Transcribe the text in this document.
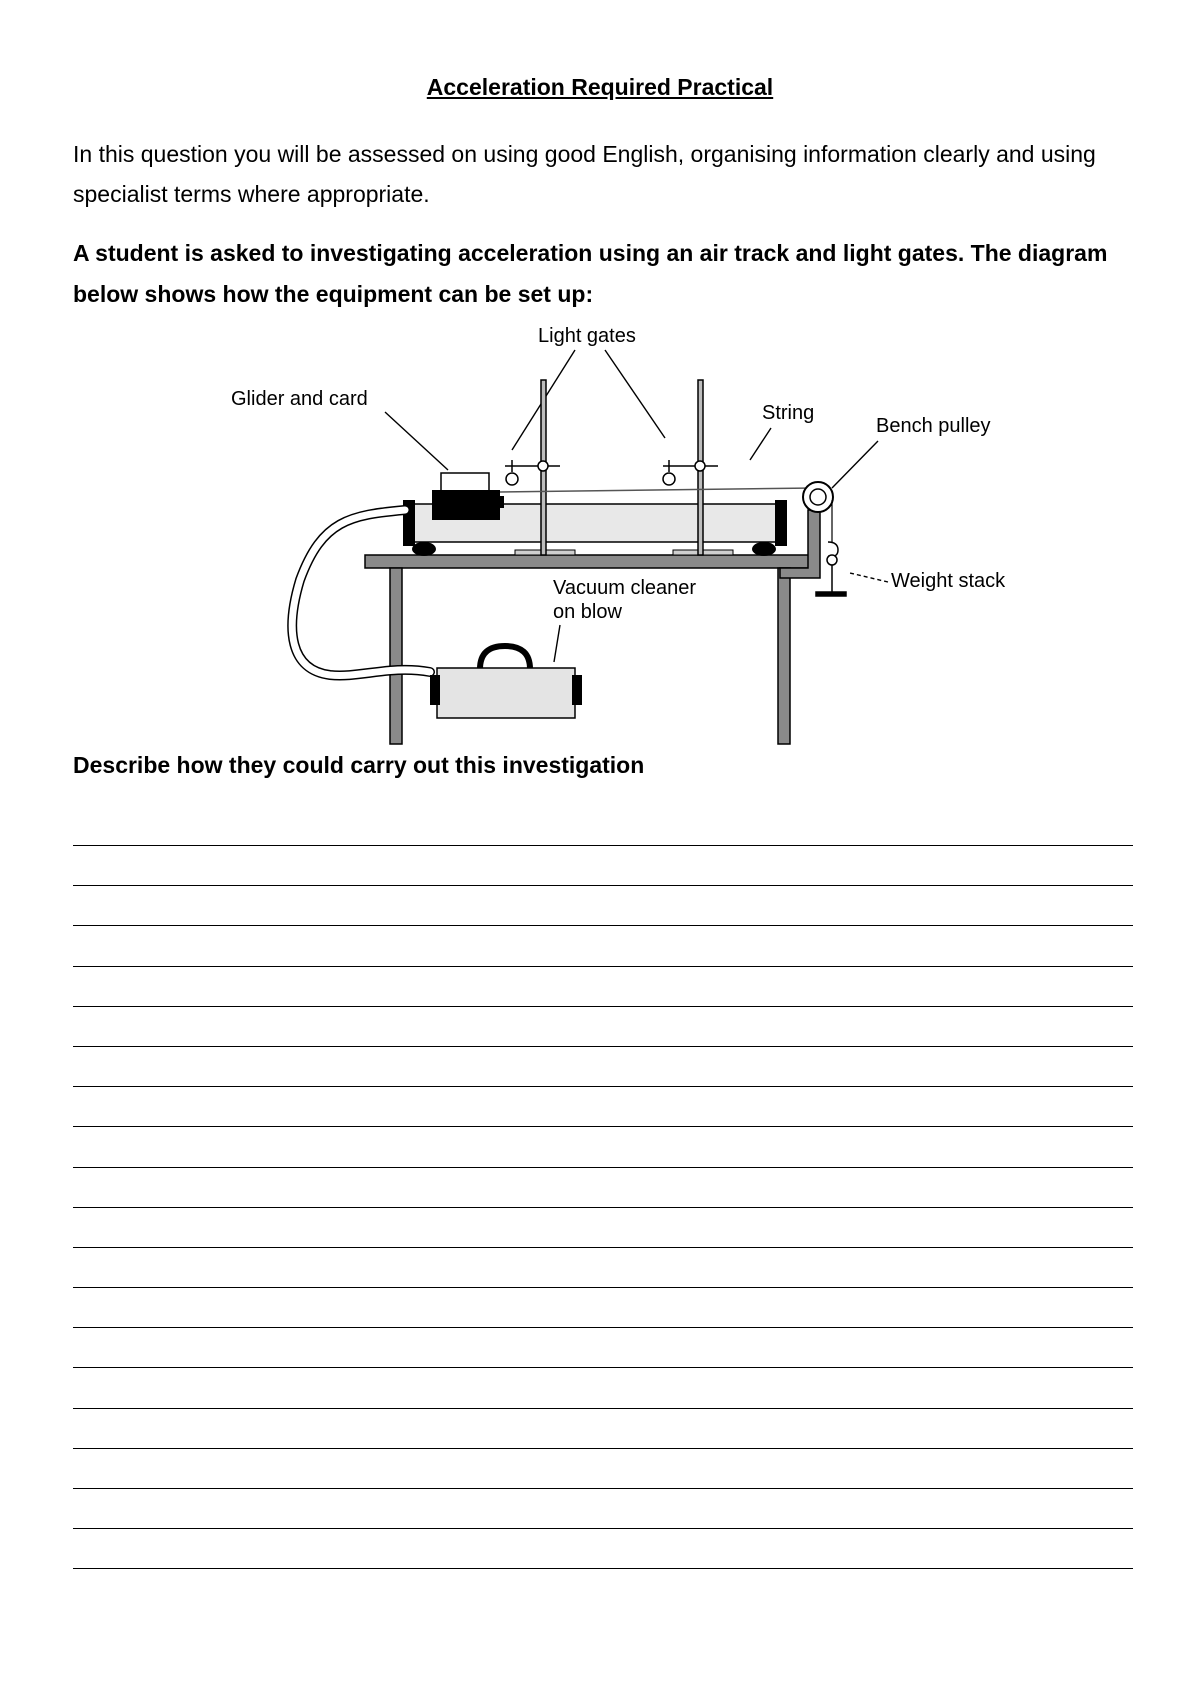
Acceleration Required Practical
In this question you will be assessed on using good English, organising information clearly and using specialist terms where appropriate.
A student is asked to investigating acceleration using an air track and light gates. The diagram below shows how the equipment can be set up:
Light gates
Glider and card
String
Bench pulley
Weight stack
Vacuum cleaner
on blow
Describe how they could carry out this investigation
